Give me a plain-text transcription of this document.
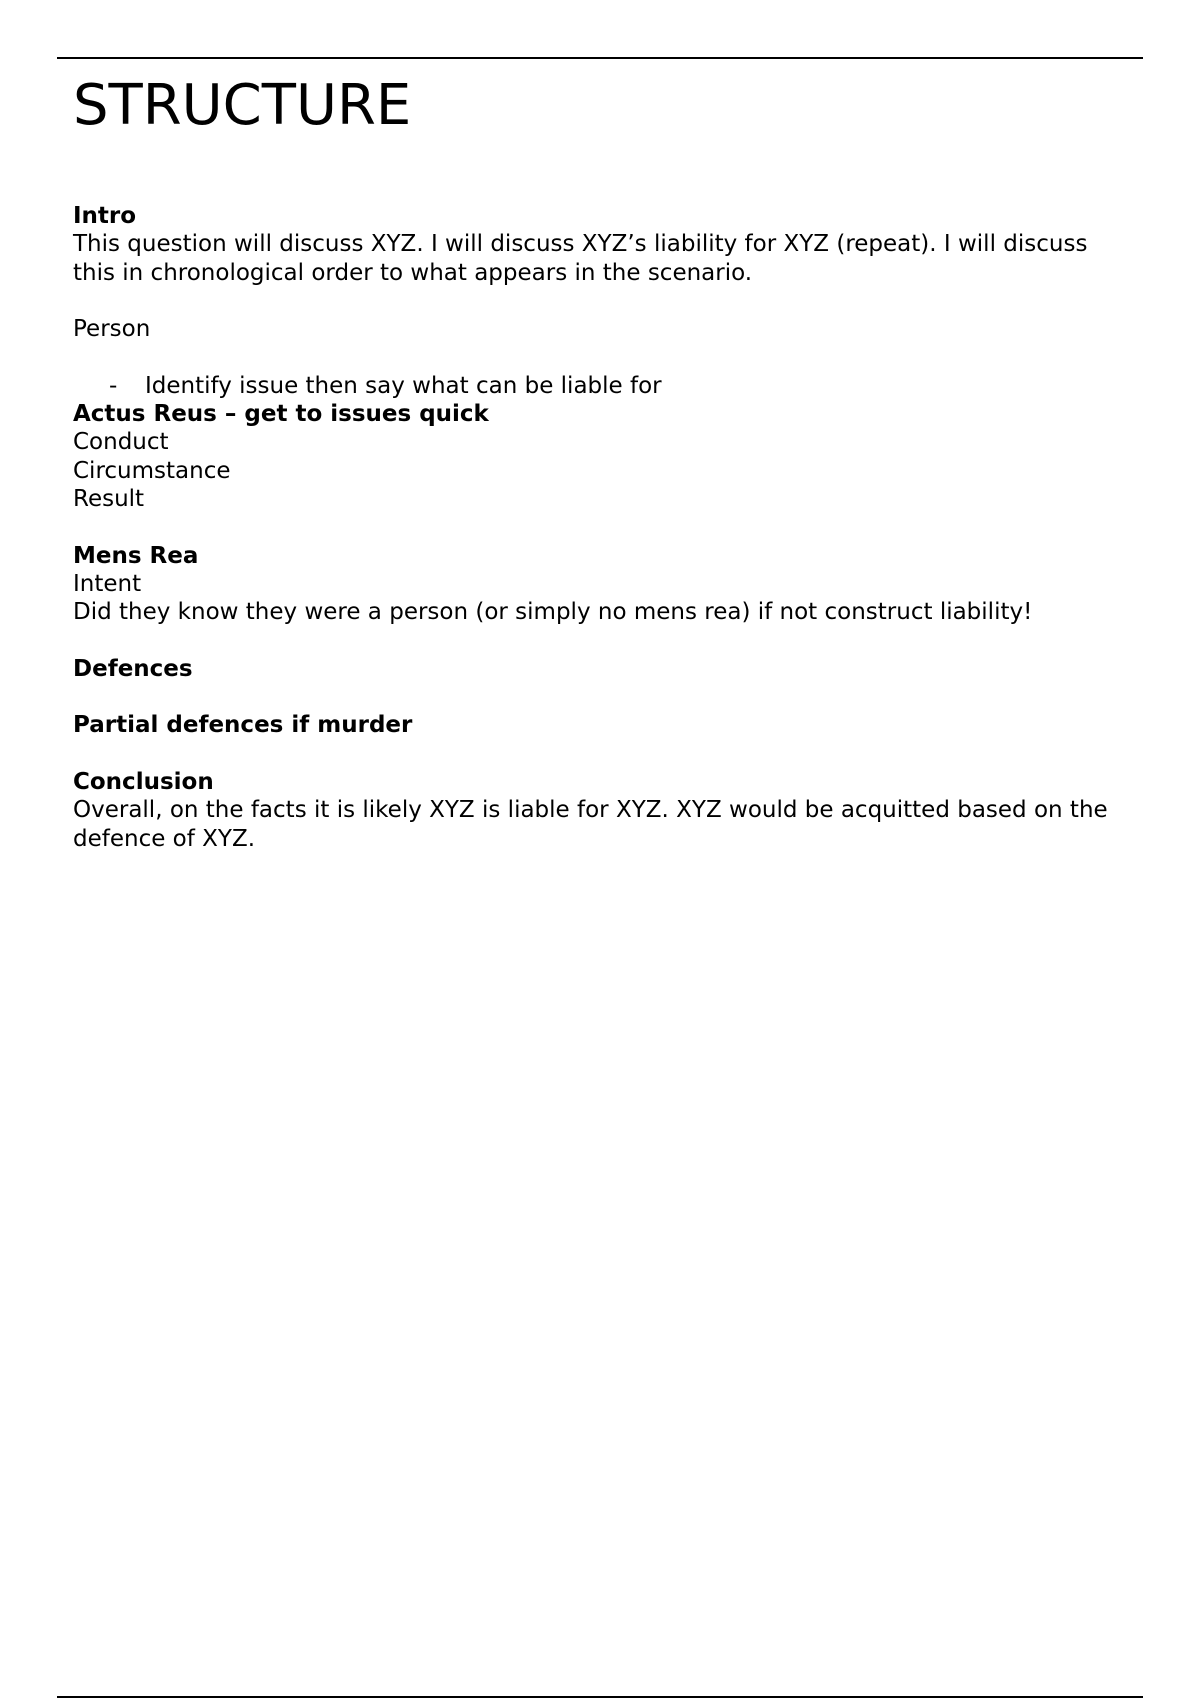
STRUCTURE

Intro

This question will discuss XYZ. I will discuss XYZ’s liability for XYZ (repeat). I will discuss this in chronological order to what appears in the scenario.

Person

-	Identify issue then say what can be liable for

Actus Reus – get to issues quick

Conduct

Circumstance

Result

Mens Rea

Intent

Did they know they were a person (or simply no mens rea) if not construct liability!

Defences

Partial defences if murder

Conclusion

Overall, on the facts it is likely XYZ is liable for XYZ. XYZ would be acquitted based on the defence of XYZ.
